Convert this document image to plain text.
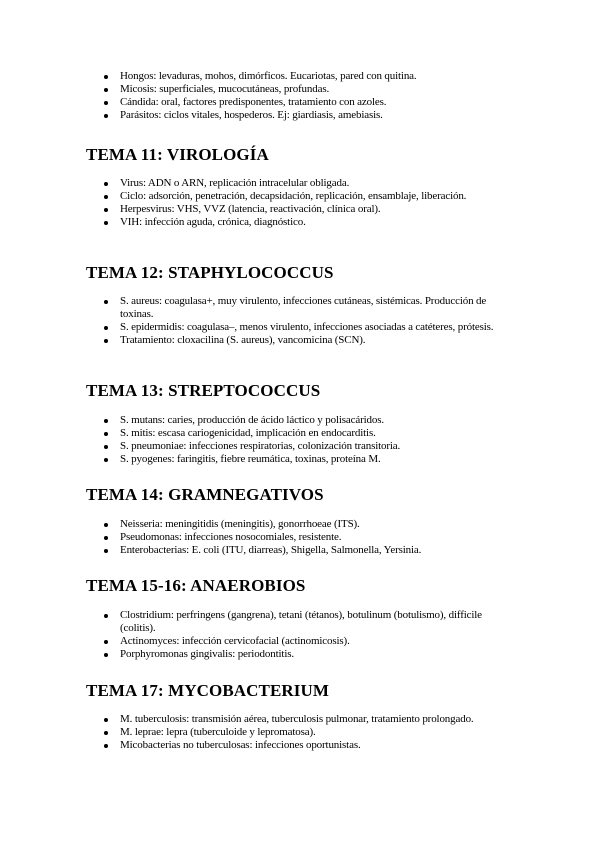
Hongos: levaduras, mohos, dimórficos. Eucariotas, pared con quitina.
Micosis: superficiales, mucocutáneas, profundas.
Cándida: oral, factores predisponentes, tratamiento con azoles.
Parásitos: ciclos vitales, hospederos. Ej: giardiasis, amebiasis.
TEMA 11: VIROLOGÍA
Virus: ADN o ARN, replicación intracelular obligada.
Ciclo: adsorción, penetración, decapsidación, replicación, ensamblaje, liberación.
Herpesvirus: VHS, VVZ (latencia, reactivación, clínica oral).
VIH: infección aguda, crónica, diagnóstico.
TEMA 12: STAPHYLOCOCCUS
S. aureus: coagulasa+, muy virulento, infecciones cutáneas, sistémicas. Producción de toxinas.
S. epidermidis: coagulasa–, menos virulento, infecciones asociadas a catéteres, prótesis.
Tratamiento: cloxacilina (S. aureus), vancomicina (SCN).
TEMA 13: STREPTOCOCCUS
S. mutans: caries, producción de ácido láctico y polisacáridos.
S. mitis: escasa cariogenicidad, implicación en endocarditis.
S. pneumoniae: infecciones respiratorias, colonización transitoria.
S. pyogenes: faringitis, fiebre reumática, toxinas, proteína M.
TEMA 14: GRAMNEGATIVOS
Neisseria: meningitidis (meningitis), gonorrhoeae (ITS).
Pseudomonas: infecciones nosocomiales, resistente.
Enterobacterias: E. coli (ITU, diarreas), Shigella, Salmonella, Yersinia.
TEMA 15-16: ANAEROBIOS
Clostridium: perfringens (gangrena), tetani (tétanos), botulinum (botulismo), difficile (colitis).
Actinomyces: infección cervicofacial (actinomicosis).
Porphyromonas gingivalis: periodontitis.
TEMA 17: MYCOBACTERIUM
M. tuberculosis: transmisión aérea, tuberculosis pulmonar, tratamiento prolongado.
M. leprae: lepra (tuberculoide y lepromatosa).
Micobacterias no tuberculosas: infecciones oportunistas.
